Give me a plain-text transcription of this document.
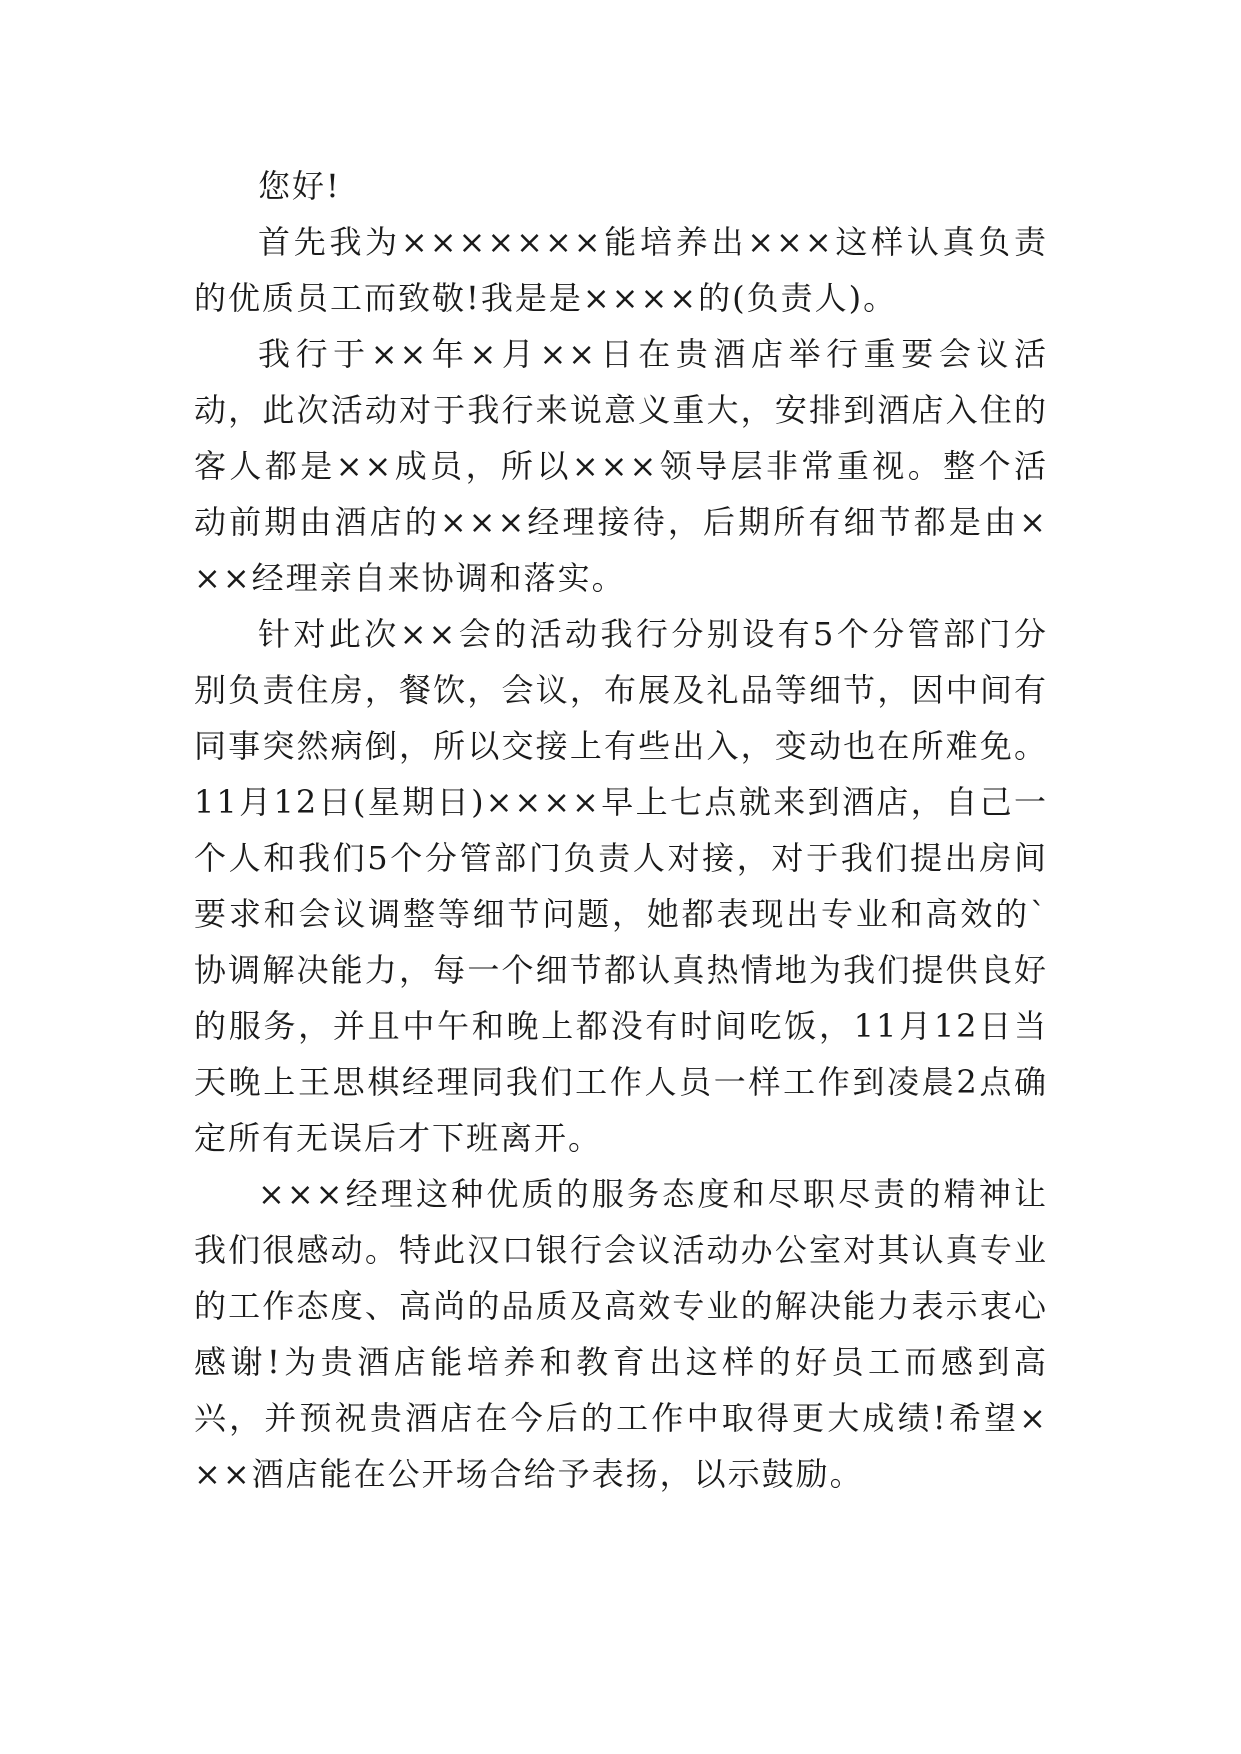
您好!

首先我为×××××××能培养出×××这样认真负责的优质员工而致敬!我是是××××的(负责人)。

我行于××年×月××日在贵酒店举行重要会议活动，此次活动对于我行来说意义重大，安排到酒店入住的客人都是××成员，所以×××领导层非常重视。整个活动前期由酒店的×××经理接待，后期所有细节都是由×××经理亲自来协调和落实。

针对此次××会的活动我行分别设有5个分管部门分别负责住房，餐饮，会议，布展及礼品等细节，因中间有同事突然病倒，所以交接上有些出入，变动也在所难免。11月12日(星期日)××××早上七点就来到酒店，自己一个人和我们5个分管部门负责人对接，对于我们提出房间要求和会议调整等细节问题，她都表现出专业和高效的`协调解决能力，每一个细节都认真热情地为我们提供良好的服务，并且中午和晚上都没有时间吃饭，11月12日当天晚上王思棋经理同我们工作人员一样工作到凌晨2点确定所有无误后才下班离开。

×××经理这种优质的服务态度和尽职尽责的精神让我们很感动。特此汉口银行会议活动办公室对其认真专业的工作态度、高尚的品质及高效专业的解决能力表示衷心感谢!为贵酒店能培养和教育出这样的好员工而感到高兴，并预祝贵酒店在今后的工作中取得更大成绩!希望×××酒店能在公开场合给予表扬，以示鼓励。
